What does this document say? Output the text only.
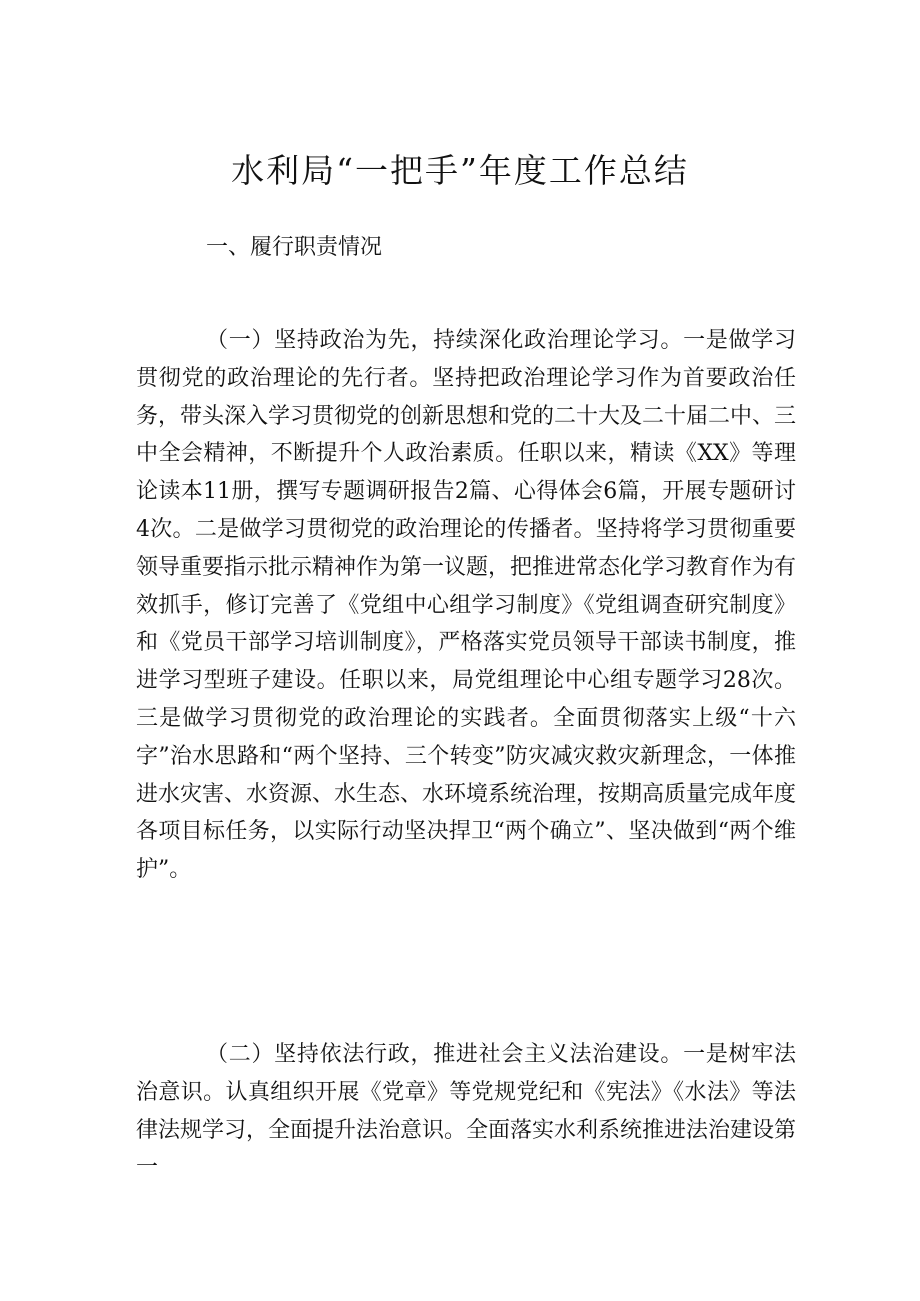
水利局“一把手”年度工作总结

一、履行职责情况

（一）坚持政治为先，持续深化政治理论学习。一是做学习贯彻党的政治理论的先行者。坚持把政治理论学习作为首要政治任务，带头深入学习贯彻党的创新思想和党的二十大及二十届二中、三中全会精神，不断提升个人政治素质。任职以来，精读《XX》等理论读本11册，撰写专题调研报告2篇、心得体会6篇，开展专题研讨4次。二是做学习贯彻党的政治理论的传播者。坚持将学习贯彻重要领导重要指示批示精神作为第一议题，把推进常态化学习教育作为有效抓手，修订完善了《党组中心组学习制度》《党组调查研究制度》和《党员干部学习培训制度》，严格落实党员领导干部读书制度，推进学习型班子建设。任职以来，局党组理论中心组专题学习28次。三是做学习贯彻党的政治理论的实践者。全面贯彻落实上级“十六字”治水思路和“两个坚持、三个转变”防灾减灾救灾新理念，一体推进水灾害、水资源、水生态、水环境系统治理，按期高质量完成年度各项目标任务，以实际行动坚决捍卫“两个确立”、坚决做到“两个维护”。

（二）坚持依法行政，推进社会主义法治建设。一是树牢法治意识。认真组织开展《党章》等党规党纪和《宪法》《水法》等法律法规学习，全面提升法治意识。全面落实水利系统推进法治建设第一
